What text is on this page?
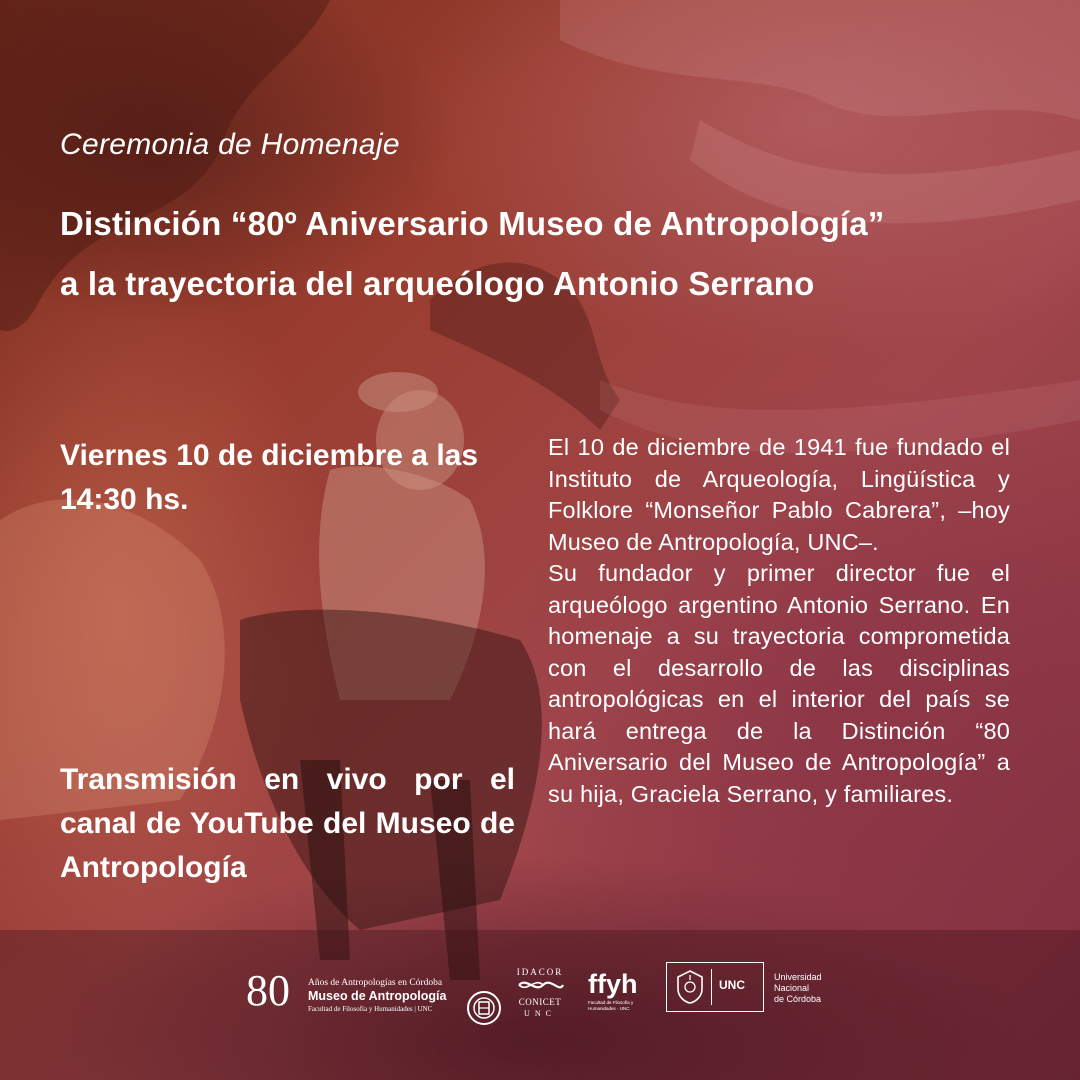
Ceremonia de Homenaje
Distinción “80º Aniversario Museo de Antropología”
a la trayectoria del arqueólogo Antonio Serrano

Viernes 10 de diciembre a las
14:30 hs.

Transmisión en vivo por el canal de YouTube del Museo de Antropología

El 10 de diciembre de 1941 fue fundado el Instituto de Arqueología, Lingüística y Folklore “Monseñor Pablo Cabrera”, –hoy Museo de Antropología, UNC–.

Su fundador y primer director fue el arqueólogo argentino Antonio Serrano. En homenaje a su trayectoria comprometida con el desarrollo de las disciplinas antropológicas en el interior del país se hará entrega de la Distinción “80 Aniversario del Museo de Antropología” a su hija, Graciela Serrano, y familiares.

80 Años de Antropologías en Córdoba
Museo de Antropología
Facultad de Filosofía y Humanidades | UNC
IDACOR
CONICET
UNC
ffyh
Facultad de Filosofía y Humanidades · UNC
UNC
Universidad
Nacional
de Córdoba
